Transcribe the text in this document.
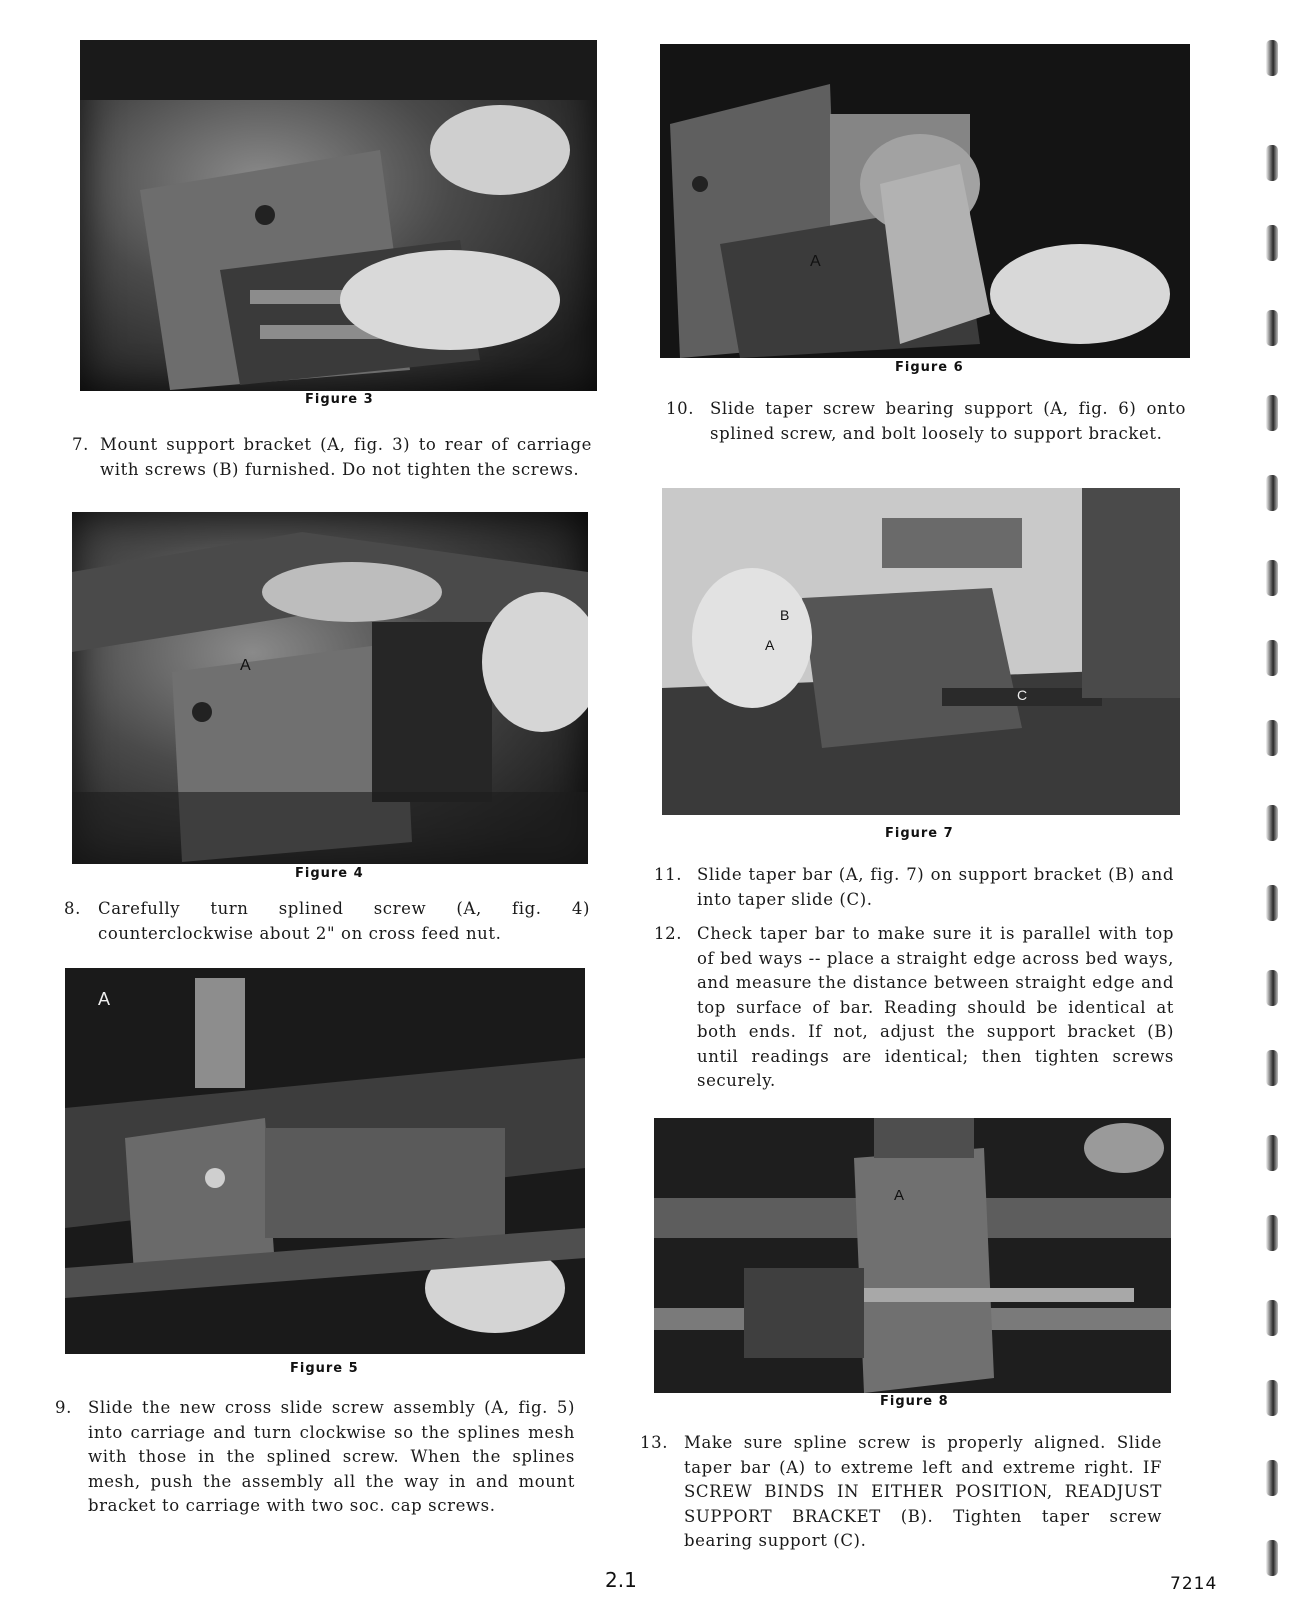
Figure 3
7. Mount support bracket (A, fig. 3) to rear of carriage with screws (B) furnished. Do not tighten the screws.
A
Figure 4
8. Carefully turn splined screw (A, fig. 4) counterclockwise about 2" on cross feed nut.
A
Figure 5
9. Slide the new cross slide screw assembly (A, fig. 5) into carriage and turn clockwise so the splines mesh with those in the splined screw. When the splines mesh, push the assembly all the way in and mount bracket to carriage with two soc. cap screws.
A
Figure 6
10. Slide taper screw bearing support (A, fig. 6) onto splined screw, and bolt loosely to support bracket.
B
A
C
Figure 7
11. Slide taper bar (A, fig. 7) on support bracket (B) and into taper slide (C).
12. Check taper bar to make sure it is parallel with top of bed ways -- place a straight edge across bed ways, and measure the distance between straight edge and top surface of bar. Reading should be identical at both ends. If not, adjust the support bracket (B) until readings are identical; then tighten screws securely.
A
Figure 8
13. Make sure spline screw is properly aligned. Slide taper bar (A) to extreme left and extreme right. IF SCREW BINDS IN EITHER POSITION, READJUST SUPPORT BRACKET (B). Tighten taper screw bearing support (C).
2.1	7214
